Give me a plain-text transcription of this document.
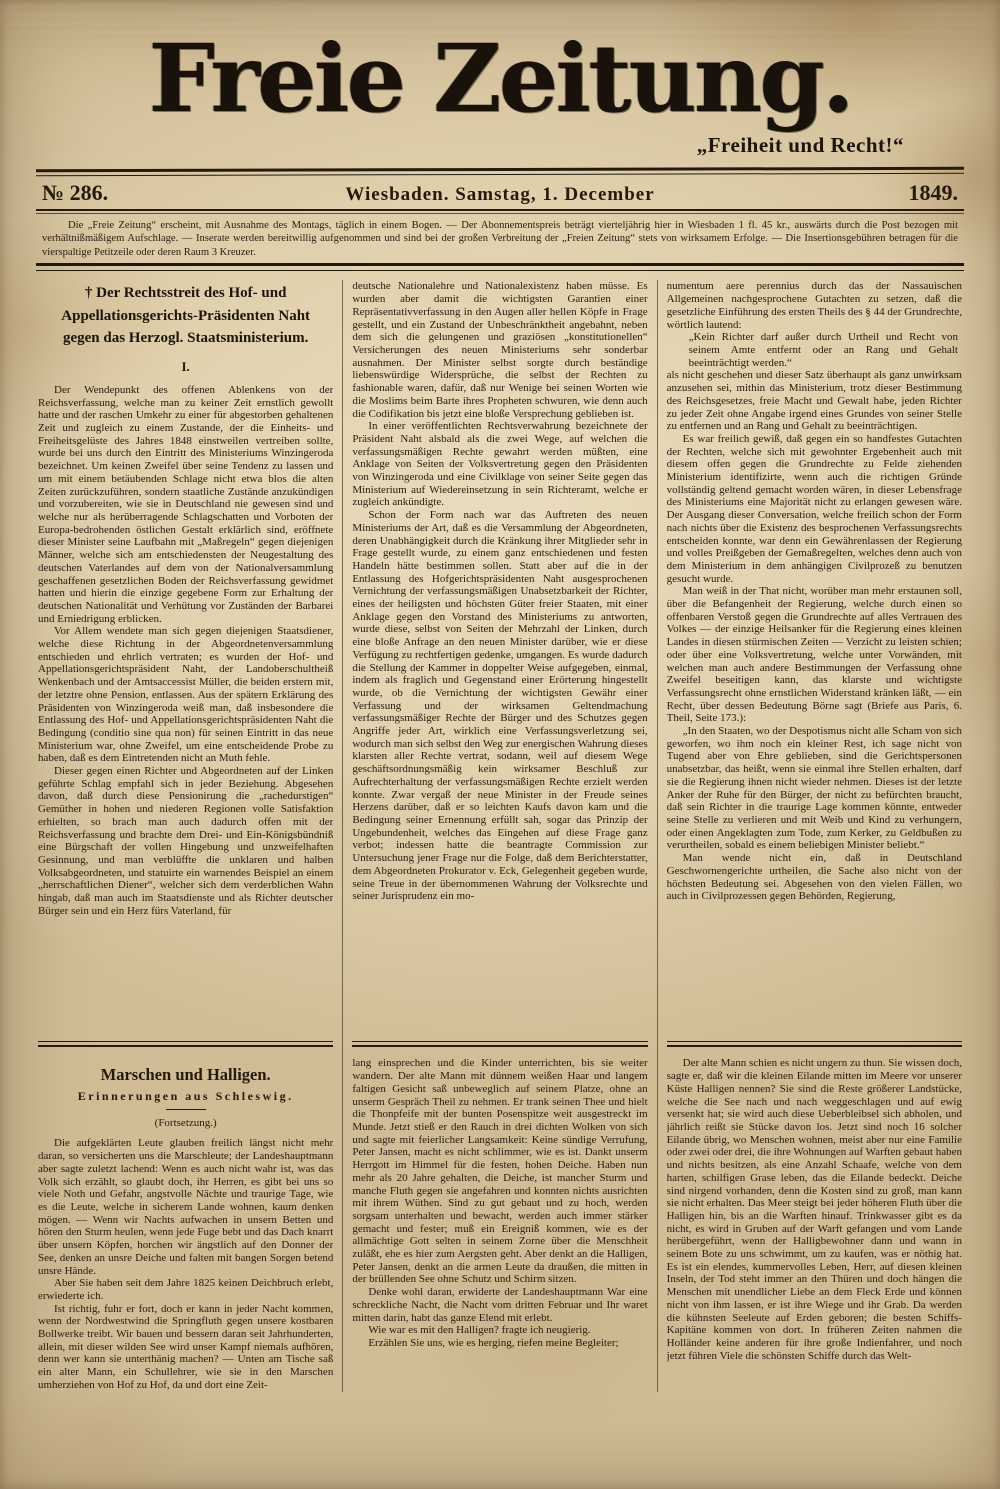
Freie Zeitung.
„Freiheit und Recht!“
№ 286.	Wiesbaden. Samstag, 1. December	1849.

Die „Freie Zeitung“ erscheint, mit Ausnahme des Montags, täglich in einem Bogen. — Der Abonnementspreis beträgt vierteljährig hier in Wiesbaden 1 fl. 45 kr., auswärts durch die Post bezogen mit verhältnißmäßigem Aufschlage. — Inserate werden bereitwillig aufgenommen und sind bei der großen Verbreitung der „Freien Zeitung“ stets von wirksamem Erfolge. — Die Insertionsgebühren betragen für die vierspaltige Petitzeile oder deren Raum 3 Kreuzer.

† Der Rechtsstreit des Hof- und Appellationsgerichts-Präsidenten Naht gegen das Herzogl. Staatsministerium.
I.

Der Wendepunkt des offenen Ablenkens von der Reichsverfassung, welche man zu keiner Zeit ernstlich gewollt hatte und der raschen Umkehr zu einer für abgestorben gehaltenen Zeit und zugleich zu einem Zustande, der die Einheits- und Freiheitsgelüste des Jahres 1848 einstweilen vertreiben sollte, wurde bei uns durch den Eintritt des Ministeriums Winzingeroda bezeichnet. Um keinen Zweifel über seine Tendenz zu lassen und um mit einem betäubenden Schlage nicht etwa blos die alten Zeiten zurückzuführen, sondern staatliche Zustände anzukündigen und vorzubereiten, wie sie in Deutschland nie gewesen sind und welche nur als herüberragende Schlagschatten und Vorboten der Europa-bedrohenden östlichen Gestalt erklärlich sind, eröffnete dieser Minister seine Laufbahn mit „Maßregeln“ gegen diejenigen Männer, welche sich am entschiedensten der Neugestaltung des deutschen Vaterlandes auf dem von der Nationalversammlung geschaffenen gesetzlichen Boden der Reichsverfassung gewidmet hatten und hierin die einzige gegebene Form zur Erhaltung der deutschen Nationalität und Verhütung vor Zuständen der Barbarei und Erniedrigung erblicken.

Vor Allem wendete man sich gegen diejenigen Staatsdiener, welche diese Richtung in der Abgeordnetenversammlung entschieden und ehrlich vertraten; es wurden der Hof- und Appellationsgerichtspräsident Naht, der Landoberschultheiß Wenkenbach und der Amtsaccessist Müller, die beiden erstern mit, der letztre ohne Pension, entlassen. Aus der spätern Erklärung des Präsidenten von Winzingeroda weiß man, daß insbesondere die Entlassung des Hof- und Appellationsgerichtspräsidenten Naht die Bedingung (conditio sine qua non) für seinen Eintritt in das neue Ministerium war, ohne Zweifel, um eine entscheidende Probe zu haben, daß es dem Eintretenden nicht an Muth fehle.

Dieser gegen einen Richter und Abgeordneten auf der Linken geführte Schlag empfahl sich in jeder Beziehung. Abgesehen davon, daß durch diese Pensionirung die „rachedurstigen“ Gemüther in hohen und niederen Regionen volle Satisfaktion erhielten, so brach man auch dadurch offen mit der Reichsverfassung und brachte dem Drei- und Ein-Königsbündniß eine Bürgschaft der vollen Hingebung und unzweifelhaften Gesinnung, und man verblüffte die unklaren und halben Volksabgeordneten, und statuirte ein warnendes Beispiel an einem „herrschaftlichen Diener“, welcher sich dem verderblichen Wahn hingab, daß man auch im Staatsdienste und als Richter deutscher Bürger sein und ein Herz fürs Vaterland, für

Marschen und Halligen.
Erinnerungen aus Schleswig.
(Fortsetzung.)

Die aufgeklärten Leute glauben freilich längst nicht mehr daran, so versicherten uns die Marschleute; der Landeshauptmann aber sagte zuletzt lachend: Wenn es auch nicht wahr ist, was das Volk sich erzählt, so glaubt doch, ihr Herren, es gibt bei uns so viele Noth und Gefahr, angstvolle Nächte und traurige Tage, wie es die Leute, welche in sicherem Lande wohnen, kaum denken mögen. — Wenn wir Nachts aufwachen in unsern Betten und hören den Sturm heulen, wenn jede Fuge bebt und das Dach knarrt über unsern Köpfen, horchen wir ängstlich auf den Donner der See, denken an unsre Deiche und falten mit bangen Sorgen betend unsre Hände.

Aber Sie haben seit dem Jahre 1825 keinen Deichbruch erlebt, erwiederte ich.

Ist richtig, fuhr er fort, doch er kann in jeder Nacht kommen, wenn der Nordwestwind die Springfluth gegen unsere kostbaren Bollwerke treibt. Wir bauen und bessern daran seit Jahrhunderten, allein, mit dieser wilden See wird unser Kampf niemals aufhören, denn wer kann sie unterthänig machen? — Unten am Tische saß ein alter Mann, ein Schullehrer, wie sie in den Marschen umherziehen von Hof zu Hof, da und dort eine Zeit-

deutsche Nationalehre und Nationalexistenz haben müsse. Es wurden aber damit die wichtigsten Garantien einer Repräsentativverfassung in den Augen aller hellen Köpfe in Frage gestellt, und ein Zustand der Unbeschränktheit angebahnt, neben dem sich die gelungenen und graziösen „konstitutionellen“ Versicherungen des neuen Ministeriums sehr sonderbar ausnahmen. Der Minister selbst sorgte durch beständige liebenswürdige Widersprüche, die selbst der Rechten zu fashionable waren, dafür, daß nur Wenige bei seinen Worten wie die Moslims beim Barte ihres Propheten schwuren, wie denn auch die Codifikation bis jetzt eine bloße Versprechung geblieben ist.

In einer veröffentlichten Rechtsverwahrung bezeichnete der Präsident Naht alsbald als die zwei Wege, auf welchen die verfassungsmäßigen Rechte gewahrt werden müßten, eine Anklage von Seiten der Volksvertretung gegen den Präsidenten von Winzingeroda und eine Civilklage von seiner Seite gegen das Ministerium auf Wiedereinsetzung in sein Richteramt, welche er zugleich ankündigte.

Schon der Form nach war das Auftreten des neuen Ministeriums der Art, daß es die Versammlung der Abgeordneten, deren Unabhängigkeit durch die Kränkung ihrer Mitglieder sehr in Frage gestellt wurde, zu einem ganz entschiedenen und festen Handeln hätte bestimmen sollen. Statt aber auf die in der Entlassung des Hofgerichtspräsidenten Naht ausgesprochenen Vernichtung der verfassungsmäßigen Unabsetzbarkeit der Richter, eines der heiligsten und höchsten Güter freier Staaten, mit einer Anklage gegen den Vorstand des Ministeriums zu antworten, wurde diese, selbst von Seiten der Mehrzahl der Linken, durch eine bloße Anfrage an den neuen Minister darüber, wie er diese Verfügung zu rechtfertigen gedenke, umgangen. Es wurde dadurch die Stellung der Kammer in doppelter Weise aufgegeben, einmal, indem als fraglich und Gegenstand einer Erörterung hingestellt wurde, ob die Vernichtung der wichtigsten Gewähr einer Verfassung und der wirksamen Geltendmachung verfassungsmäßiger Rechte der Bürger und des Schutzes gegen Angriffe jeder Art, wirklich eine Verfassungsverletzung sei, wodurch man sich selbst den Weg zur energischen Wahrung dieses klarsten aller Rechte vertrat, sodann, weil auf diesem Wege geschäftsordnungsmäßig kein wirksamer Beschluß zur Aufrechterhaltung der verfassungsmäßigen Rechte erzielt werden konnte. Zwar vergaß der neue Minister in der Freude seines Herzens darüber, daß er so leichten Kaufs davon kam und die Bedingung seiner Ernennung erfüllt sah, sogar das Prinzip der Ungebundenheit, welches das Eingehen auf diese Frage ganz verbot; indessen hatte die beantragte Commission zur Untersuchung jener Frage nur die Folge, daß dem Berichterstatter, dem Abgeordneten Prokurator v. Eck, Gelegenheit gegeben wurde, seine Treue in der übernommenen Wahrung der Volksrechte und seiner Jurisprudenz ein mo-

lang einsprechen und die Kinder unterrichten, bis sie weiter wandern. Der alte Mann mit dünnem weißen Haar und langem faltigen Gesicht saß unbeweglich auf seinem Platze, ohne an unserm Gespräch Theil zu nehmen. Er trank seinen Thee und hielt die Thonpfeife mit der bunten Posenspitze weit ausgestreckt im Munde. Jetzt stieß er den Rauch in drei dichten Wolken von sich und sagte mit feierlicher Langsamkeit: Keine sündige Verrufung, Peter Jansen, macht es nicht schlimmer, wie es ist. Dankt unserm Herrgott im Himmel für die festen, hohen Deiche. Haben nun mehr als 20 Jahre gehalten, die Deiche, ist mancher Sturm und manche Fluth gegen sie angefahren und konnten nichts ausrichten mit ihrem Wüthen. Sind zu gut gebaut und zu hoch, werden sorgsam unterhalten und bewacht, werden auch immer stärker gemacht und fester; muß ein Ereigniß kommen, wie es der allmächtige Gott selten in seinem Zorne über die Menschheit zuläßt, ehe es hier zum Aergsten geht. Aber denkt an die Halligen, Peter Jansen, denkt an die armen Leute da draußen, die mitten in der brüllenden See ohne Schutz und Schirm sitzen.

Denke wohl daran, erwiderte der Landeshauptmann War eine schreckliche Nacht, die Nacht vom dritten Februar und Ihr waret mitten darin, habt das ganze Elend mit erlebt.

Wie war es mit den Halligen? fragte ich neugierig.

Erzählen Sie uns, wie es herging, riefen meine Begleiter;

numentum aere perennius durch das der Nassauischen Allgemeinen nachgesprochene Gutachten zu setzen, daß die gesetzliche Einführung des ersten Theils des § 44 der Grundrechte, wörtlich lautend:

„Kein Richter darf außer durch Urtheil und Recht von seinem Amte entfernt oder an Rang und Gehalt beeinträchtigt werden.“

als nicht geschehen und dieser Satz überhaupt als ganz unwirksam anzusehen sei, mithin das Ministerium, trotz dieser Bestimmung des Reichsgesetzes, freie Macht und Gewalt habe, jeden Richter zu jeder Zeit ohne Angabe irgend eines Grundes von seiner Stelle zu entfernen und an Rang und Gehalt zu beeinträchtigen.

Es war freilich gewiß, daß gegen ein so handfestes Gutachten der Rechten, welche sich mit gewohnter Ergebenheit auch mit diesem offen gegen die Grundrechte zu Felde ziehenden Ministerium identifizirte, wenn auch die richtigen Gründe vollständig geltend gemacht worden wären, in dieser Lebensfrage des Ministeriums eine Majorität nicht zu erlangen gewesen wäre. Der Ausgang dieser Conversation, welche freilich schon der Form nach nichts über die Existenz des besprochenen Verfassungsrechts entscheiden konnte, war denn ein Gewährenlassen der Regierung und volles Preißgeben der Gemaßregelten, welches denn auch von dem Ministerium in dem anhängigen Civilprozeß zu benutzen gesucht wurde.

Man weiß in der That nicht, worüber man mehr erstaunen soll, über die Befangenheit der Regierung, welche durch einen so offenbaren Verstoß gegen die Grundrechte auf alles Vertrauen des Volkes — der einzige Heilsanker für die Regierung eines kleinen Landes in diesen stürmischen Zeiten — Verzicht zu leisten schien; oder über eine Volksvertretung, welche unter Vorwänden, mit welchen man auch andere Bestimmungen der Verfassung ohne Zweifel beseitigen kann, das klarste und wichtigste Verfassungsrecht ohne ernstlichen Widerstand kränken läßt, — ein Recht, über dessen Bedeutung Börne sagt (Briefe aus Paris, 6. Theil, Seite 173.):

„In den Staaten, wo der Despotismus nicht alle Scham von sich geworfen, wo ihm noch ein kleiner Rest, ich sage nicht von Tugend aber von Ehre geblieben, sind die Gerichtspersonen unabsetzbar, das heißt, wenn sie einmal ihre Stellen erhalten, darf sie die Regierung ihnen nicht wieder nehmen. Dieses ist der letzte Anker der Ruhe für den Bürger, der nicht zu befürchten braucht, daß sein Richter in die traurige Lage kommen könnte, entweder seine Stelle zu verlieren und mit Weib und Kind zu verhungern, oder einen Angeklagten zum Tode, zum Kerker, zu Geldbußen zu verurtheilen, sobald es einem beliebigen Minister beliebt.“

Man wende nicht ein, daß in Deutschland Geschwornengerichte urtheilen, die Sache also nicht von der höchsten Bedeutung sei. Abgesehen von den vielen Fällen, wo auch in Civilprozessen gegen Behörden, Regierung,

Der alte Mann schien es nicht ungern zu thun. Sie wissen doch, sagte er, daß wir die kleinen Eilande mitten im Meere vor unserer Küste Halligen nennen? Sie sind die Reste größerer Landstücke, welche die See nach und nach weggeschlagen und auf ewig versenkt hat; sie wird auch diese Ueberbleibsel sich abholen, und jährlich reißt sie Stücke davon los. Jetzt sind noch 16 solcher Eilande übrig, wo Menschen wohnen, meist aber nur eine Familie oder zwei oder drei, die ihre Wohnungen auf Warften gebaut haben und nichts besitzen, als eine Anzahl Schaafe, welche von dem harten, schilfigen Grase leben, das die Eilande bedeckt. Deiche sind nirgend vorhanden, denn die Kosten sind zu groß, man kann sie nicht erhalten. Das Meer steigt bei jeder höheren Fluth über die Halligen hin, bis an die Warften hinauf. Trinkwasser gibt es da nicht, es wird in Gruben auf der Warft gefangen und vom Lande herübergeführt, wenn der Halligbewohner dann und wann in seinem Bote zu uns schwimmt, um zu kaufen, was er nöthig hat. Es ist ein elendes, kummervolles Leben, Herr, auf diesen kleinen Inseln, der Tod steht immer an den Thüren und doch hängen die Menschen mit unendlicher Liebe an dem Fleck Erde und können nicht von ihm lassen, er ist ihre Wiege und ihr Grab. Da werden die kühnsten Seeleute auf Erden geboren; die besten Schiffs-Kapitäne kommen von dort. In früheren Zeiten nahmen die Holländer keine anderen für ihre große Indienfahrer, und noch jetzt führen Viele die schönsten Schiffe durch das Welt-
